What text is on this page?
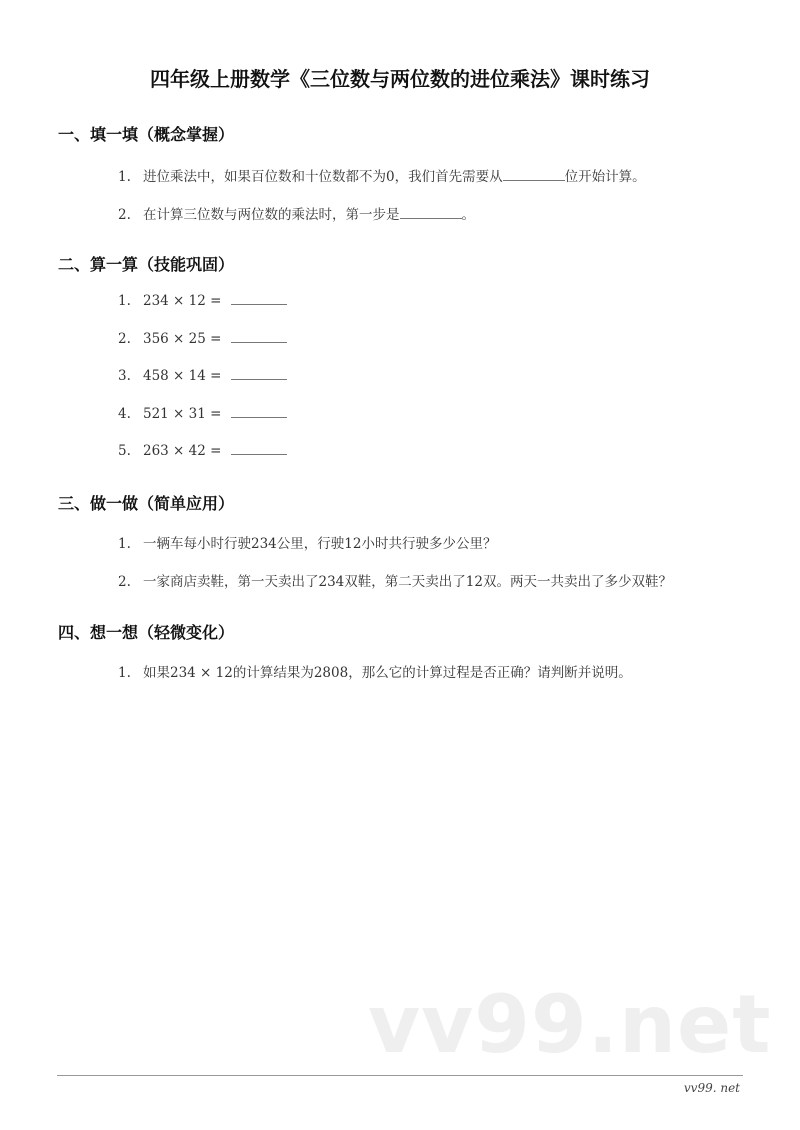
四年级上册数学《三位数与两位数的进位乘法》课时练习
一、填一填（概念掌握）
1. 进位乘法中，如果百位数和十位数都不为0，我们首先需要从	位开始计算。
2. 在计算三位数与两位数的乘法时，第一步是	。
二、算一算（技能巩固）
1. 234 × 12 =
2. 356 × 25 =
3. 458 × 14 =
4. 521 × 31 =
5. 263 × 42 =
三、做一做（简单应用）
1. 一辆车每小时行驶234公里，行驶12小时共行驶多少公里？
2. 一家商店卖鞋，第一天卖出了234双鞋，第二天卖出了12双。两天一共卖出了多少双鞋？
四、想一想（轻微变化）
1. 如果234 × 12的计算结果为2808，那么它的计算过程是否正确？请判断并说明。
vv99.net
vv99. net
